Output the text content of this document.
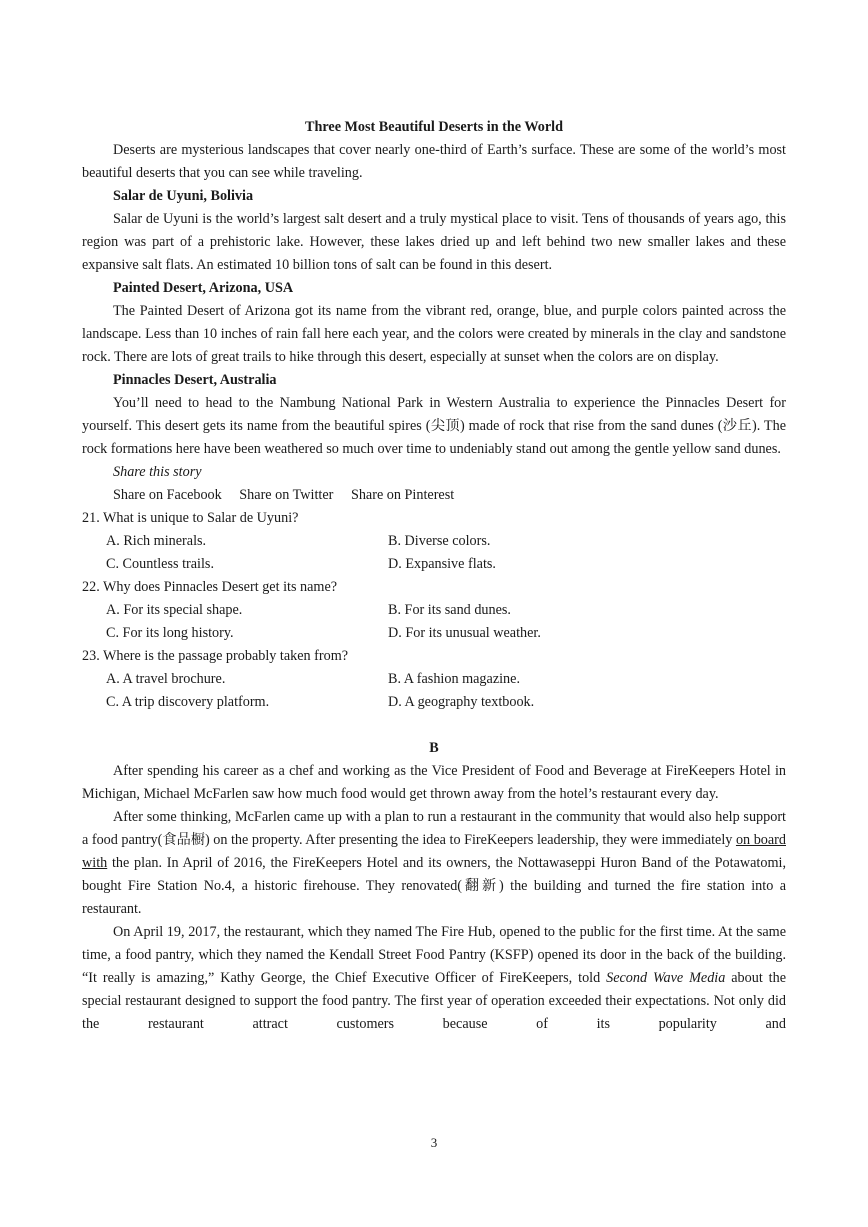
Three Most Beautiful Deserts in the World

Deserts are mysterious landscapes that cover nearly one-third of Earth’s surface. These are some of the world’s most beautiful deserts that you can see while traveling.

Salar de Uyuni, Bolivia

Salar de Uyuni is the world’s largest salt desert and a truly mystical place to visit. Tens of thousands of years ago, this region was part of a prehistoric lake. However, these lakes dried up and left behind two new smaller lakes and these expansive salt flats. An estimated 10 billion tons of salt can be found in this desert.

Painted Desert, Arizona, USA

The Painted Desert of Arizona got its name from the vibrant red, orange, blue, and purple colors painted across the landscape. Less than 10 inches of rain fall here each year, and the colors were created by minerals in the clay and sandstone rock. There are lots of great trails to hike through this desert, especially at sunset when the colors are on display.

Pinnacles Desert, Australia

You’ll need to head to the Nambung National Park in Western Australia to experience the Pinnacles Desert for yourself. This desert gets its name from the beautiful spires (尖顶) made of rock that rise from the sand dunes (沙丘). The rock formations here have been weathered so much over time to undeniably stand out among the gentle yellow sand dunes.

Share this story

Share on Facebook Share on Twitter Share on Pinterest

21. What is unique to Salar de Uyuni?

A. Rich minerals.	B. Diverse colors.
C. Countless trails.	D. Expansive flats.

22. Why does Pinnacles Desert get its name?

A. For its special shape.	B. For its sand dunes.
C. For its long history.	D. For its unusual weather.

23. Where is the passage probably taken from?

A. A travel brochure.	B. A fashion magazine.
C. A trip discovery platform.	D. A geography textbook.

B

After spending his career as a chef and working as the Vice President of Food and Beverage at FireKeepers Hotel in Michigan, Michael McFarlen saw how much food would get thrown away from the hotel’s restaurant every day.

After some thinking, McFarlen came up with a plan to run a restaurant in the community that would also help support a food pantry(食品橱) on the property. After presenting the idea to FireKeepers leadership, they were immediately on board with the plan. In April of 2016, the FireKeepers Hotel and its owners, the Nottawaseppi Huron Band of the Potawatomi, bought Fire Station No.4, a historic firehouse. They renovated(翻新) the building and turned the fire station into a restaurant.

On April 19, 2017, the restaurant, which they named The Fire Hub, opened to the public for the first time. At the same time, a food pantry, which they named the Kendall Street Food Pantry (KSFP) opened its door in the back of the building. “It really is amazing,” Kathy George, the Chief Executive Officer of FireKeepers, told Second Wave Media about the special restaurant designed to support the food pantry. The first year of operation exceeded their expectations. Not only did the restaurant attract customers because of its popularity and

3
